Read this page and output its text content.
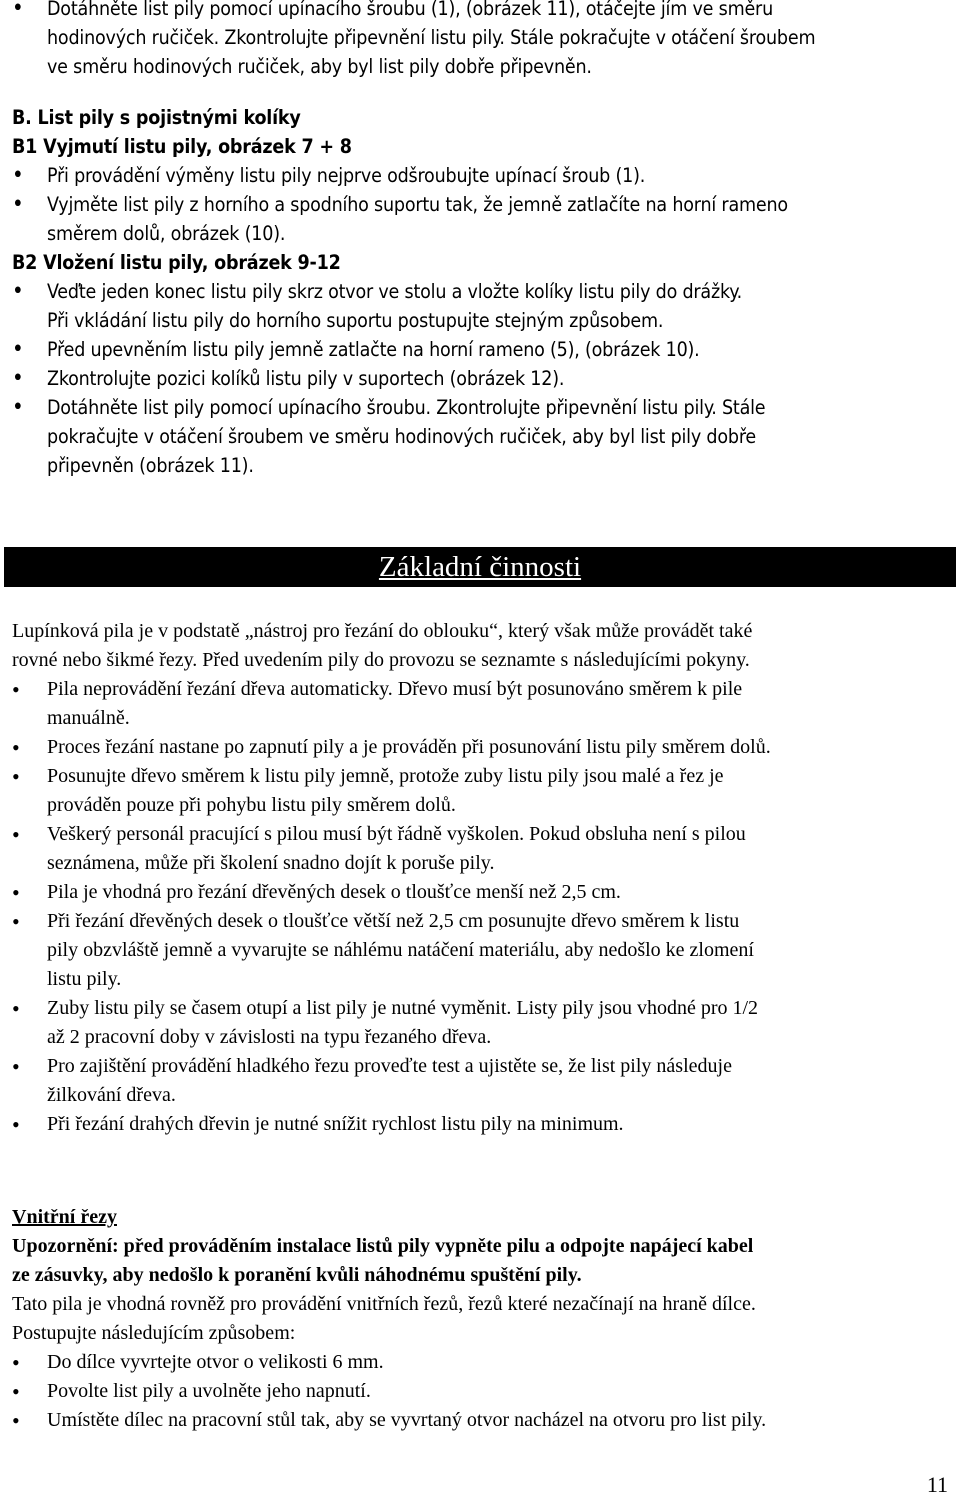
• Dotáhněte list pily pomocí upínacího šroubu (1), (obrázek 11), otáčejte jím ve směru
hodinových ručiček. Zkontrolujte připevnění listu pily. Stále pokračujte v otáčení šroubem
ve směru hodinových ručiček, aby byl list pily dobře připevněn.
B. List pily s pojistnými kolíky
B1 Vyjmutí listu pily, obrázek 7 + 8
• Při provádění výměny listu pily nejprve odšroubujte upínací šroub (1).
• Vyjměte list pily z horního a spodního suportu tak, že jemně zatlačíte na horní rameno
směrem dolů, obrázek (10).
B2 Vložení listu pily, obrázek 9-12
• Veďte jeden konec listu pily skrz otvor ve stolu a vložte kolíky listu pily do drážky.
Při vkládání listu pily do horního suportu postupujte stejným způsobem.
• Před upevněním listu pily jemně zatlačte na horní rameno (5), (obrázek 10).
• Zkontrolujte pozici kolíků listu pily v suportech (obrázek 12).
• Dotáhněte list pily pomocí upínacího šroubu. Zkontrolujte připevnění listu pily. Stále
pokračujte v otáčení šroubem ve směru hodinových ručiček, aby byl list pily dobře
připevněn (obrázek 11).
Základní činnosti
Lupínková pila je v podstatě „nástroj pro řezání do oblouku“, který však může provádět také
rovné nebo šikmé řezy. Před uvedením pily do provozu se seznamte s následujícími pokyny.
• Pila neprovádění řezání dřeva automaticky. Dřevo musí být posunováno směrem k pile
manuálně.
• Proces řezání nastane po zapnutí pily a je prováděn při posunování listu pily směrem dolů.
• Posunujte dřevo směrem k listu pily jemně, protože zuby listu pily jsou malé a řez je
prováděn pouze při pohybu listu pily směrem dolů.
• Veškerý personál pracující s pilou musí být řádně vyškolen. Pokud obsluha není s pilou
seznámena, může při školení snadno dojít k poruše pily.
• Pila je vhodná pro řezání dřevěných desek o tloušťce menší než 2,5 cm.
• Při řezání dřevěných desek o tloušťce větší než 2,5 cm posunujte dřevo směrem k listu
pily obzvláště jemně a vyvarujte se náhlému natáčení materiálu, aby nedošlo ke zlomení
listu pily.
• Zuby listu pily se časem otupí a list pily je nutné vyměnit. Listy pily jsou vhodné pro 1/2
až 2 pracovní doby v závislosti na typu řezaného dřeva.
• Pro zajištění provádění hladkého řezu proveďte test a ujistěte se, že list pily následuje
žilkování dřeva.
• Při řezání drahých dřevin je nutné snížit rychlost listu pily na minimum.
Vnitřní řezy
Upozornění: před prováděním instalace listů pily vypněte pilu a odpojte napájecí kabel
ze zásuvky, aby nedošlo k poranění kvůli náhodnému spuštění pily.
Tato pila je vhodná rovněž pro provádění vnitřních řezů, řezů které nezačínají na hraně dílce.
Postupujte následujícím způsobem:
• Do dílce vyvrtejte otvor o velikosti 6 mm.
• Povolte list pily a uvolněte jeho napnutí.
• Umístěte dílec na pracovní stůl tak, aby se vyvrtaný otvor nacházel na otvoru pro list pily.
11
